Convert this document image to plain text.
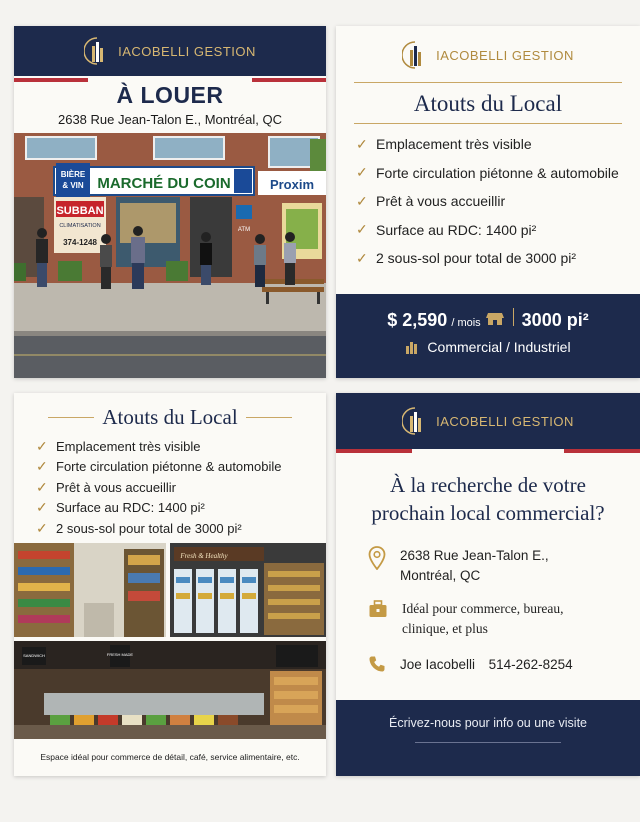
IACOBELLI GESTION
À LOUER
2638 Rue Jean-Talon E., Montréal, QC
BIÈRE
& VIN MARCHÉ DU COIN	Proxim
SUBBAN
CLIMATISATION
374-1248
ATM
IACOBELLI GESTION
Atouts du Local
✓ Emplacement très visible
✓ Forte circulation piétonne & automobile
✓ Prêt à vous accueillir
✓ Surface au RDC: 1400 pi²
✓ 2 sous-sol pour total de 3000 pi²
$ 2,590 / mois 3000 pi²
Commercial / Industriel
Atouts du Local
✓ Emplacement très visible
✓ Forte circulation piétonne & automobile
✓ Prêt à vous accueillir
✓ Surface au RDC: 1400 pi²
✓ 2 sous-sol pour total de 3000 pi²
Fresh & Healthy
SANDWICH	FRESH MADE
Espace idéal pour commerce de détail, café, service alimentaire, etc.
IACOBELLI GESTION
À la recherche de votre
prochain local commercial?
2638 Rue Jean-Talon E.,
Montréal, QC
Idéal pour commerce, bureau,
clinique, et plus
Joe Iacobelli 514-262-8254
Écrivez-nous pour info ou une visite
